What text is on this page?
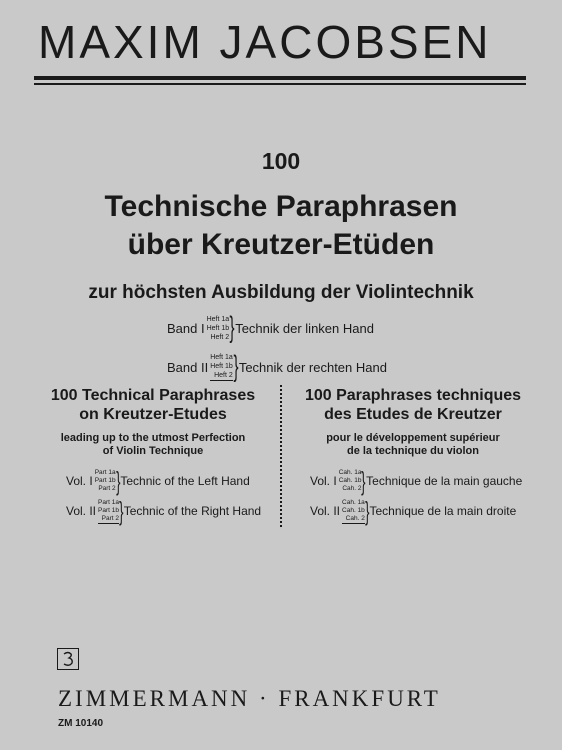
MAXIM JACOBSEN
100
Technische Paraphrasen
über Kreutzer-Etüden
zur höchsten Ausbildung der Violintechnik
Band I
Heft 1a
Heft 1b
Heft 2 } Technik der linken Hand
Band II
Heft 1a
Heft 1b
Heft 2 } Technik der rechten Hand
100 Technical Paraphrases
on Kreutzer-Etudes
leading up to the utmost Perfection
of Violin Technique
Vol. I
Part 1a
Part 1b
Part 2 } Technic of the Left Hand
Vol. II
Part 1a
Part 1b
Part 2 } Technic of the Right Hand
100 Paraphrases techniques
des Etudes de Kreutzer
pour le développement supérieur
de la technique du violon
Vol. I
Cah. 1a
Cah. 1b
Cah. 2 } Technique de la main gauche
Vol. II
Cah. 1a
Cah. 1b
Cah. 2 } Technique de la main droite
ZIMMERMANN · FRANKFURT
ZM 10140
